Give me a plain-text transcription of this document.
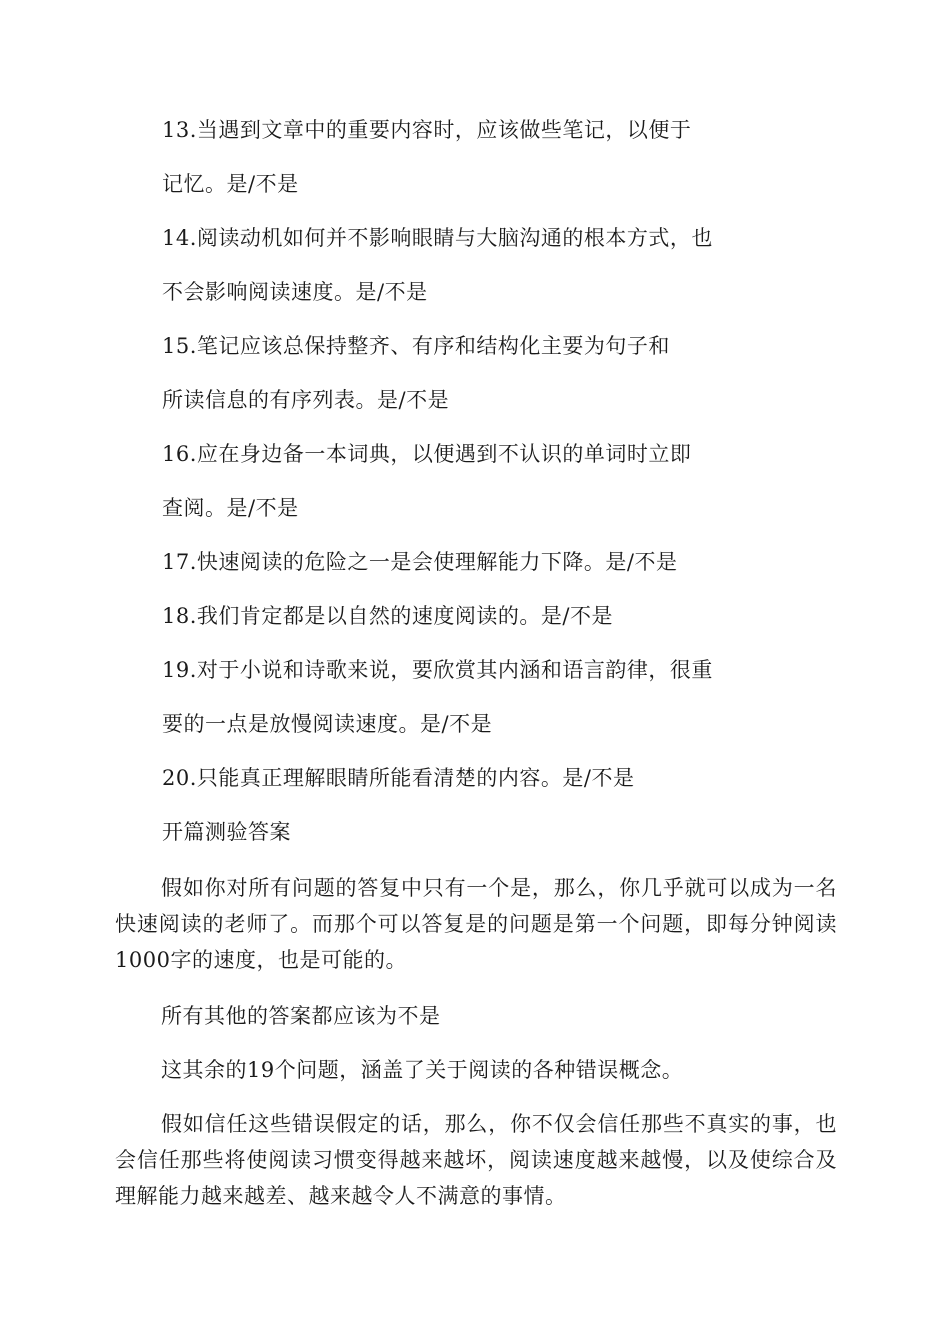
13.当遇到文章中的重要内容时，应该做些笔记，以便于
记忆。是/不是
14.阅读动机如何并不影响眼睛与大脑沟通的根本方式，也
不会影响阅读速度。是/不是
15.笔记应该总保持整齐、有序和结构化主要为句子和
所读信息的有序列表。是/不是
16.应在身边备一本词典，以便遇到不认识的单词时立即
查阅。是/不是
17.快速阅读的危险之一是会使理解能力下降。是/不是
18.我们肯定都是以自然的速度阅读的。是/不是
19.对于小说和诗歌来说，要欣赏其内涵和语言韵律，很重
要的一点是放慢阅读速度。是/不是
20.只能真正理解眼睛所能看清楚的内容。是/不是
开篇测验答案
假如你对所有问题的答复中只有一个是，那么，你几乎就可以成为一名快速阅读的老师了。而那个可以答复是的问题是第一个问题，即每分钟阅读1000字的速度，也是可能的。
所有其他的答案都应该为不是
这其余的19个问题，涵盖了关于阅读的各种错误概念。
假如信任这些错误假定的话，那么，你不仅会信任那些不真实的事，也会信任那些将使阅读习惯变得越来越坏，阅读速度越来越慢，以及使综合及理解能力越来越差、越来越令人不满意的事情。
